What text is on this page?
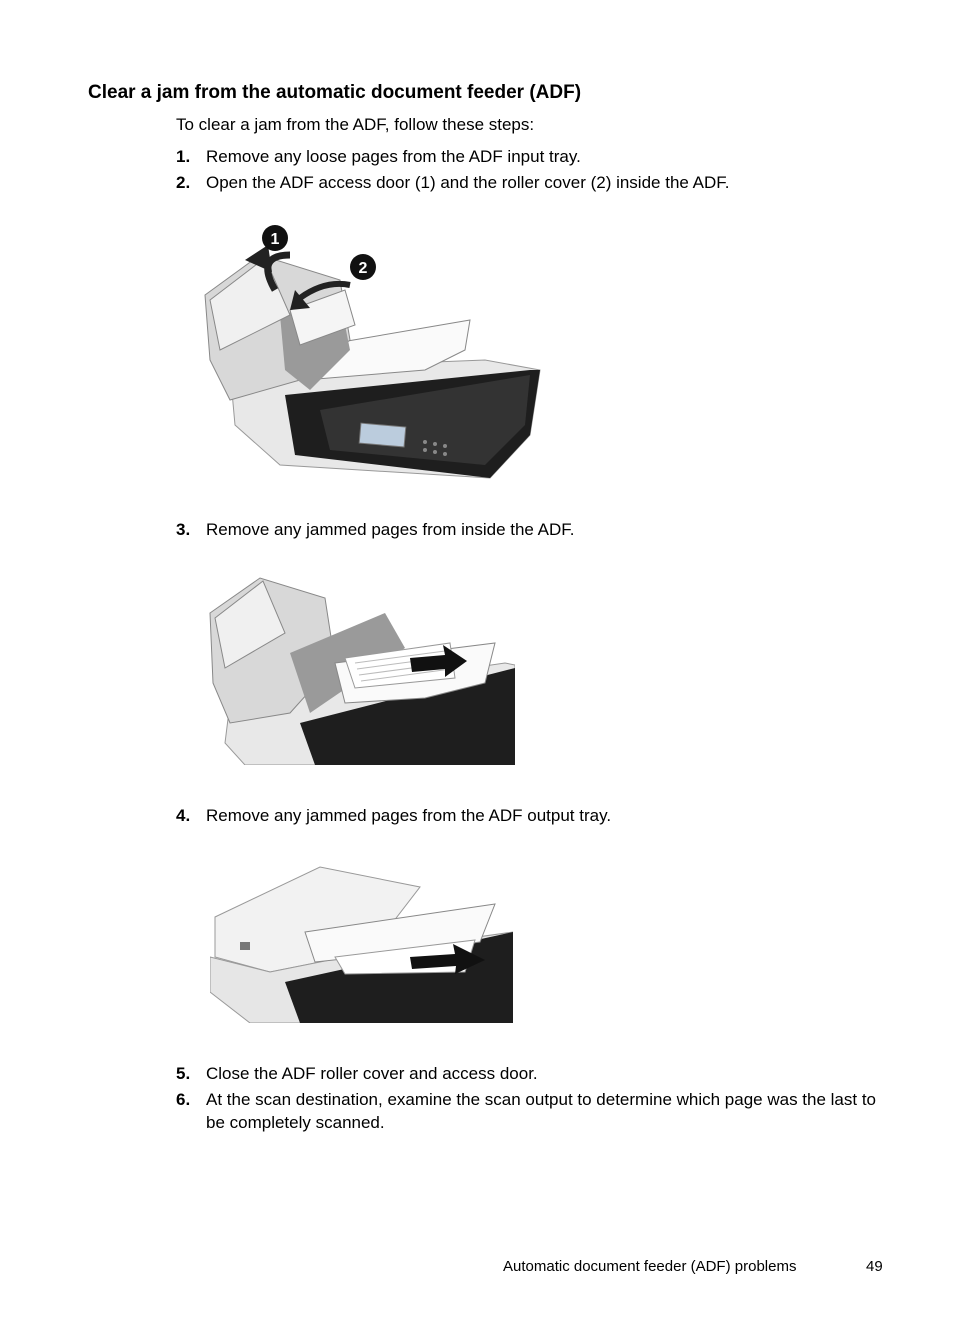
Clear a jam from the automatic document feeder (ADF)

To clear a jam from the ADF, follow these steps:

1. Remove any loose pages from the ADF input tray.
2. Open the ADF access door (1) and the roller cover (2) inside the ADF.
1
2
3. Remove any jammed pages from inside the ADF.
4. Remove any jammed pages from the ADF output tray.
5. Close the ADF roller cover and access door.
6. At the scan destination, examine the scan output to determine which page was the last to be completely scanned.
Automatic document feeder (ADF) problems	49
